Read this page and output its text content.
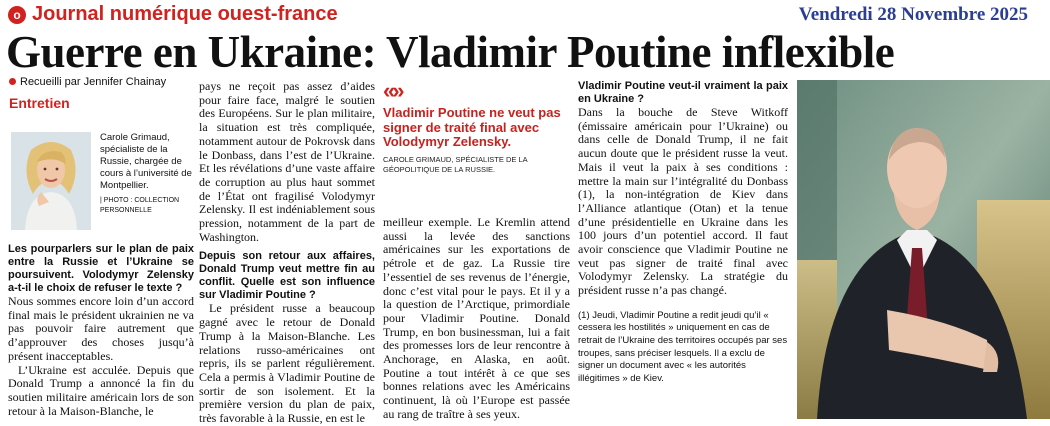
o Journal numérique ouest-france	Vendredi 28 Novembre 2025
Guerre en Ukraine: Vladimir Poutine inflexible
Recueilli par Jennifer Chainay
Entretien
Carole Grimaud, spécialiste de la Russie, chargée de cours à l’université de Montpellier.
| PHOTO : COLLECTION PERSONNELLE

Les pourparlers sur le plan de paix entre la Russie et l’Ukraine se poursuivent. Volodymyr Zelensky a-t-il le choix de refuser le texte ?

Nous sommes encore loin d’un accord final mais le président ukrainien ne va pas pouvoir faire autrement que d’approuver des choses jusqu’à présent inacceptables.

L’Ukraine est acculée. Depuis que Donald Trump a annoncé la fin du soutien militaire américain lors de son retour à la Maison-Blanche, le

pays ne reçoit pas assez d’aides pour faire face, malgré le soutien des Européens. Sur le plan militaire, la situation est très compliquée, notamment autour de Pokrovsk dans le Donbass, dans l’est de l’Ukraine. Et les révélations d’une vaste affaire de corruption au plus haut sommet de l’État ont fragilisé Volodymyr Zelensky. Il est indéniablement sous pression, notamment de la part de Washington.

Depuis son retour aux affaires, Donald Trump veut mettre fin au conflit. Quelle est son influence sur Vladimir Poutine ?

Le président russe a beaucoup gagné avec le retour de Donald Trump à la Maison-Blanche. Les relations russo-américaines ont repris, ils se parlent régulièrement. Cela a permis à Vladimir Poutine de sortir de son isolement. Et la première version du plan de paix, très favorable à la Russie, en est le

«»
Vladimir Poutine ne veut pas signer de traité final avec Volodymyr Zelensky.
CAROLE GRIMAUD, SPÉCIALISTE DE LA GÉOPOLITIQUE DE LA RUSSIE.

meilleur exemple. Le Kremlin attend aussi la levée des sanctions américaines sur les exportations de pétrole et de gaz. La Russie tire l’essentiel de ses revenus de l’énergie, donc c’est vital pour le pays. Et il y a la question de l’Arctique, primordiale pour Vladimir Poutine. Donald Trump, en bon businessman, lui a fait des promesses lors de leur rencontre à Anchorage, en Alaska, en août. Poutine a tout intérêt à ce que ses bonnes relations avec les Américains continuent, là où l’Europe est passée au rang de traître à ses yeux.

Vladimir Poutine veut-il vraiment la paix en Ukraine ?

Dans la bouche de Steve Witkoff (émissaire américain pour l’Ukraine) ou dans celle de Donald Trump, il ne fait aucun doute que le président russe la veut. Mais il veut la paix à ses conditions : mettre la main sur l’intégralité du Donbass (1), la non-intégration de Kiev dans l’Alliance atlantique (Otan) et la tenue d’une présidentielle en Ukraine dans les 100 jours d’un potentiel accord. Il faut avoir conscience que Vladimir Poutine ne veut pas signer de traité final avec Volodymyr Zelensky. La stratégie du président russe n’a pas changé.

(1) Jeudi, Vladimir Poutine a redit jeudi qu’il « cessera les hostilités » uniquement en cas de retrait de l’Ukraine des territoires occupés par ses troupes, sans préciser lesquels. Il a exclu de signer un document avec « les autorités illégitimes » de Kiev.
